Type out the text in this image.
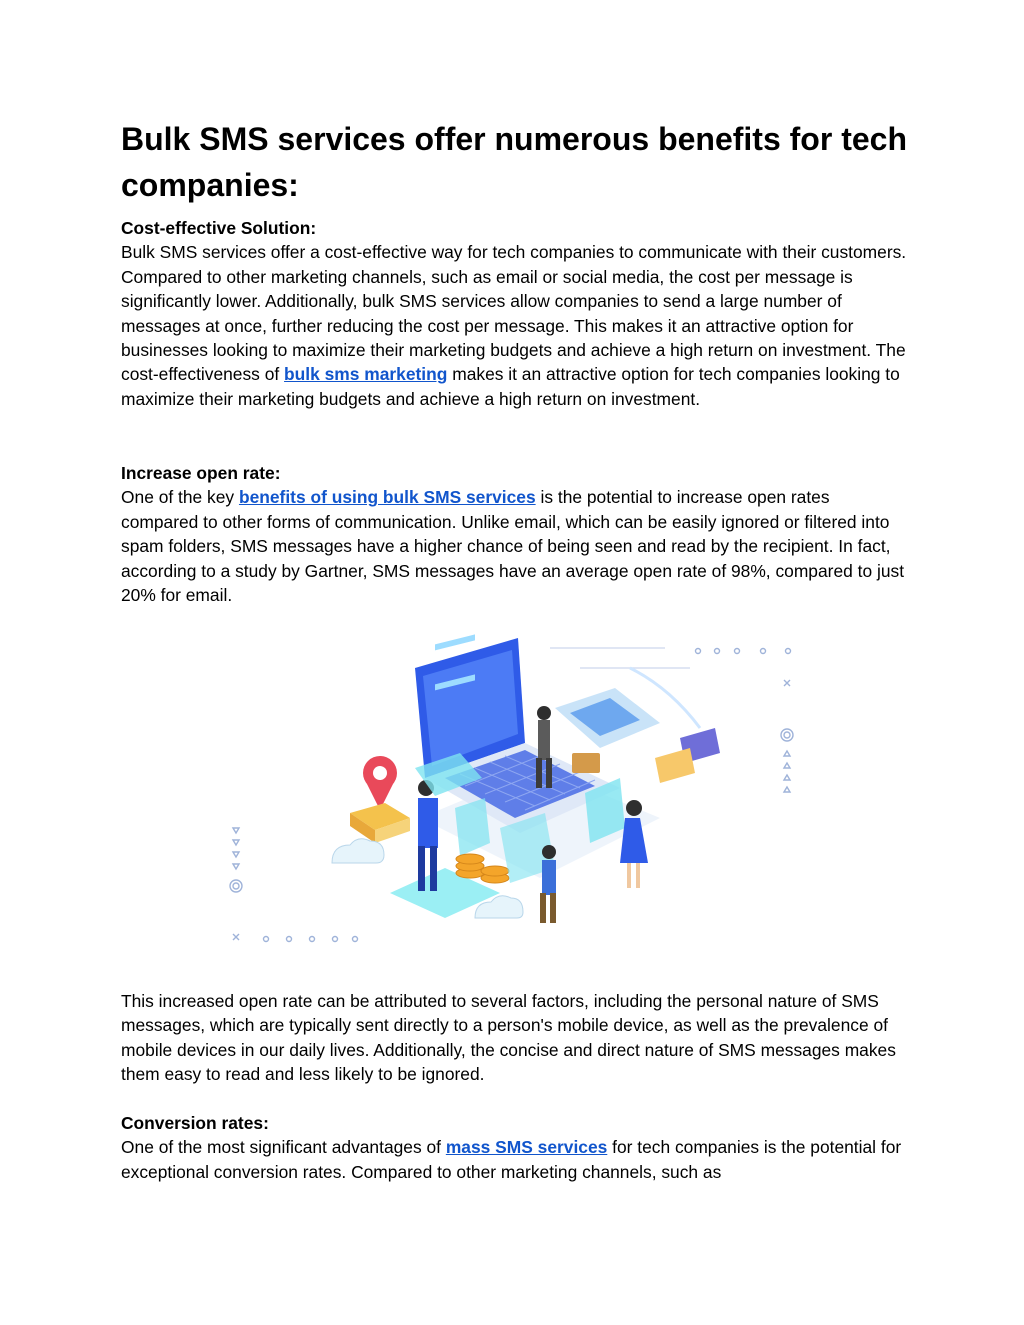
Bulk SMS services offer numerous benefits for tech companies:
Cost-effective Solution:

Bulk SMS services offer a cost-effective way for tech companies to communicate with their customers. Compared to other marketing channels, such as email or social media, the cost per message is significantly lower. Additionally, bulk SMS services allow companies to send a large number of messages at once, further reducing the cost per message. This makes it an attractive option for businesses looking to maximize their marketing budgets and achieve a high return on investment. The cost-effectiveness of bulk sms marketing makes it an attractive option for tech companies looking to maximize their marketing budgets and achieve a high return on investment.

Increase open rate:

One of the key benefits of using bulk SMS services is the potential to increase open rates compared to other forms of communication. Unlike email, which can be easily ignored or filtered into spam folders, SMS messages have a higher chance of being seen and read by the recipient. In fact, according to a study by Gartner, SMS messages have an average open rate of 98%, compared to just 20% for email.

This increased open rate can be attributed to several factors, including the personal nature of SMS messages, which are typically sent directly to a person's mobile device, as well as the prevalence of mobile devices in our daily lives. Additionally, the concise and direct nature of SMS messages makes them easy to read and less likely to be ignored.

Conversion rates:

One of the most significant advantages of mass SMS services for tech companies is the potential for exceptional conversion rates. Compared to other marketing channels, such as
